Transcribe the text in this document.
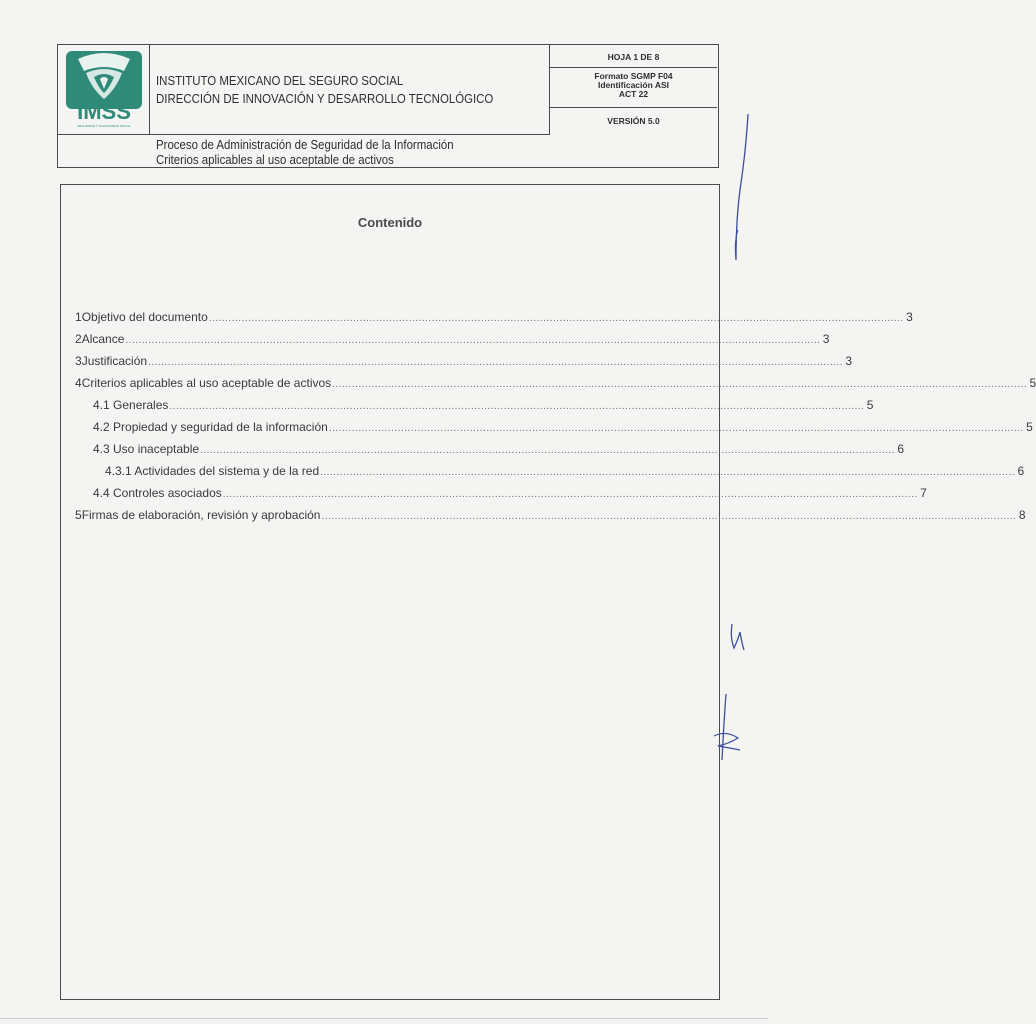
IMSS
SEGURIDAD Y SOLIDARIDAD SOCIAL
INSTITUTO MEXICANO DEL SEGURO SOCIAL
DIRECCIÓN DE INNOVACIÓN Y DESARROLLO TECNOLÓGICO
HOJA 1 DE 8
Formato SGMP F04
Identificación ASI
ACT 22
VERSIÓN 5.0
Proceso de Administración de Seguridad de la Información
Criterios aplicables al uso aceptable de activos
Contenido
1 Objetivo del documento .................................................................................................................................................................................................................... 3
2 Alcance .................................................................................................................................................................................................................... 3
3 Justificación .................................................................................................................................................................................................................... 3
4 Criterios aplicables al uso aceptable de activos .................................................................................................................................................................................................................... 5
4.1 Generales .................................................................................................................................................................................................................... 5
4.2 Propiedad y seguridad de la información .................................................................................................................................................................................................................... 5
4.3 Uso inaceptable .................................................................................................................................................................................................................... 6
4.3.1 Actividades del sistema y de la red .................................................................................................................................................................................................................... 6
4.4 Controles asociados .................................................................................................................................................................................................................... 7
5 Firmas de elaboración, revisión y aprobación .................................................................................................................................................................................................................... 8
